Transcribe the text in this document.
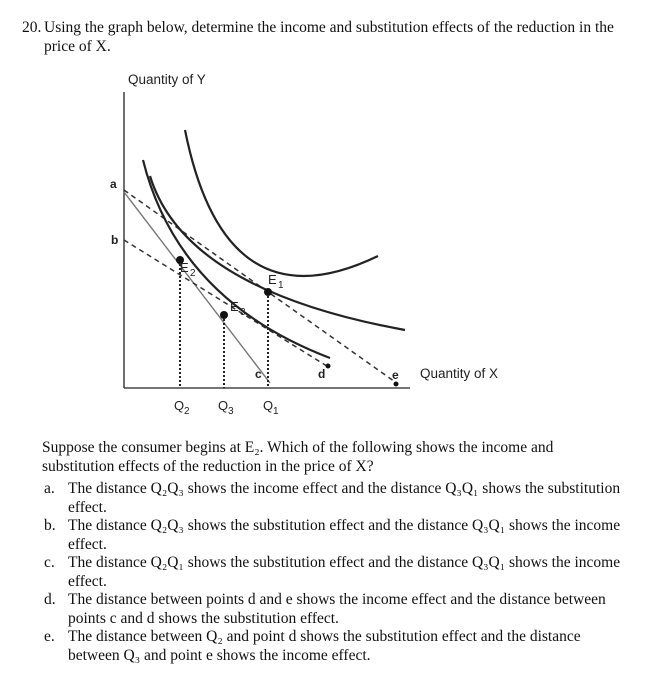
20. Using the graph below, determine the income and substitution effects of the reduction in the price of X.
Quantity of Y
Quantity of X
a
b
c	d	e
E 2	E 1
E 3
Q 2 Q 3 Q 1
Suppose the consumer begins at E₂. Which of the following shows the income and substitution effects of the reduction in the price of X?
a. The distance Q₂Q₃ shows the income effect and the distance Q₃Q₁ shows the substitution effect.
b. The distance Q₂Q₃ shows the substitution effect and the distance Q₃Q₁ shows the income effect.
c. The distance Q₂Q₁ shows the substitution effect and the distance Q₃Q₁ shows the income effect.
d. The distance between points d and e shows the income effect and the distance between points c and d shows the substitution effect.
e. The distance between Q₂ and point d shows the substitution effect and the distance between Q₃ and point e shows the income effect.
